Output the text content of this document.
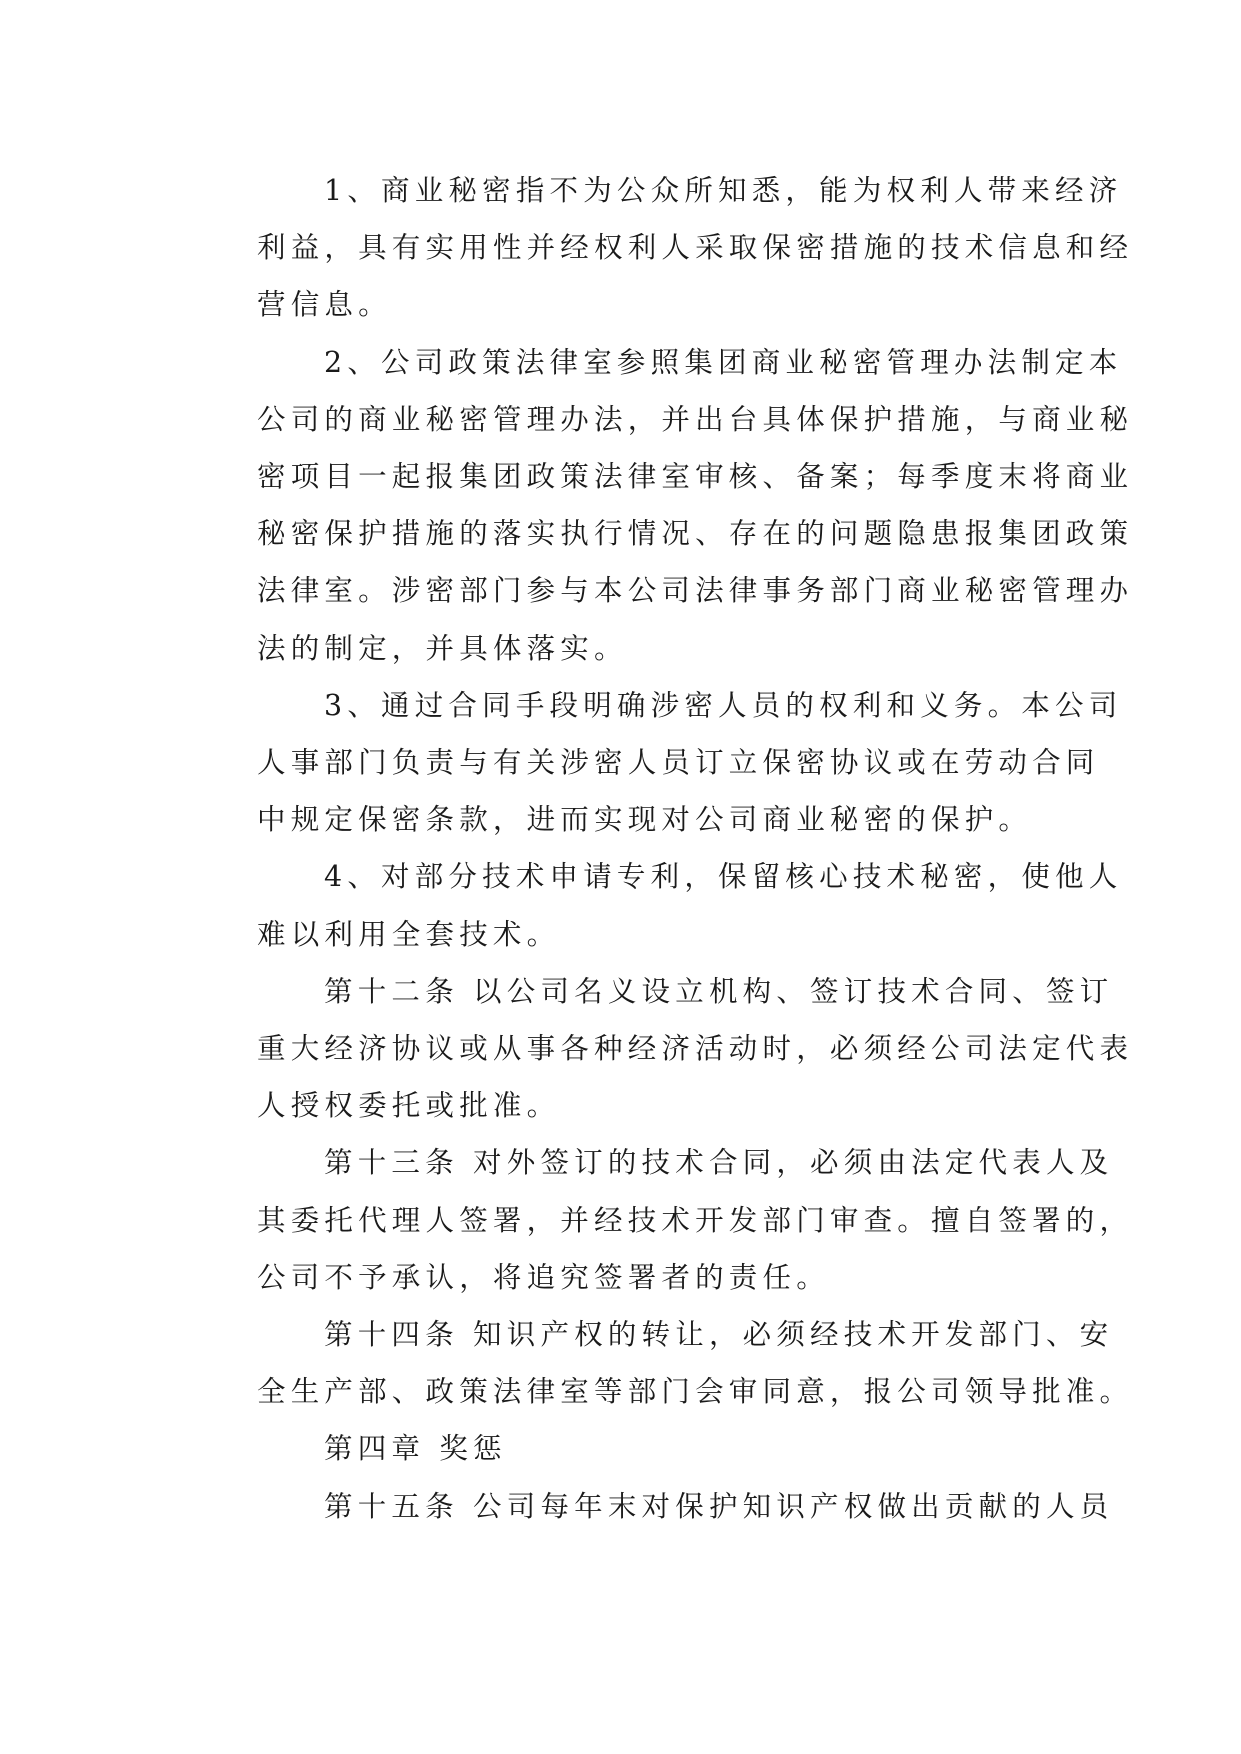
1、商业秘密指不为公众所知悉，能为权利人带来经济
利益，具有实用性并经权利人采取保密措施的技术信息和经
营信息。
2、公司政策法律室参照集团商业秘密管理办法制定本
公司的商业秘密管理办法，并出台具体保护措施，与商业秘
密项目一起报集团政策法律室审核、备案；每季度末将商业
秘密保护措施的落实执行情况、存在的问题隐患报集团政策
法律室。涉密部门参与本公司法律事务部门商业秘密管理办
法的制定，并具体落实。
3、通过合同手段明确涉密人员的权利和义务。本公司
人事部门负责与有关涉密人员订立保密协议或在劳动合同
中规定保密条款，进而实现对公司商业秘密的保护。
4、对部分技术申请专利，保留核心技术秘密，使他人
难以利用全套技术。
第十二条 以公司名义设立机构、签订技术合同、签订
重大经济协议或从事各种经济活动时，必须经公司法定代表
人授权委托或批准。
第十三条 对外签订的技术合同，必须由法定代表人及
其委托代理人签署，并经技术开发部门审查。擅自签署的，
公司不予承认，将追究签署者的责任。
第十四条 知识产权的转让，必须经技术开发部门、安
全生产部、政策法律室等部门会审同意，报公司领导批准。
第四章 奖惩
第十五条 公司每年末对保护知识产权做出贡献的人员
